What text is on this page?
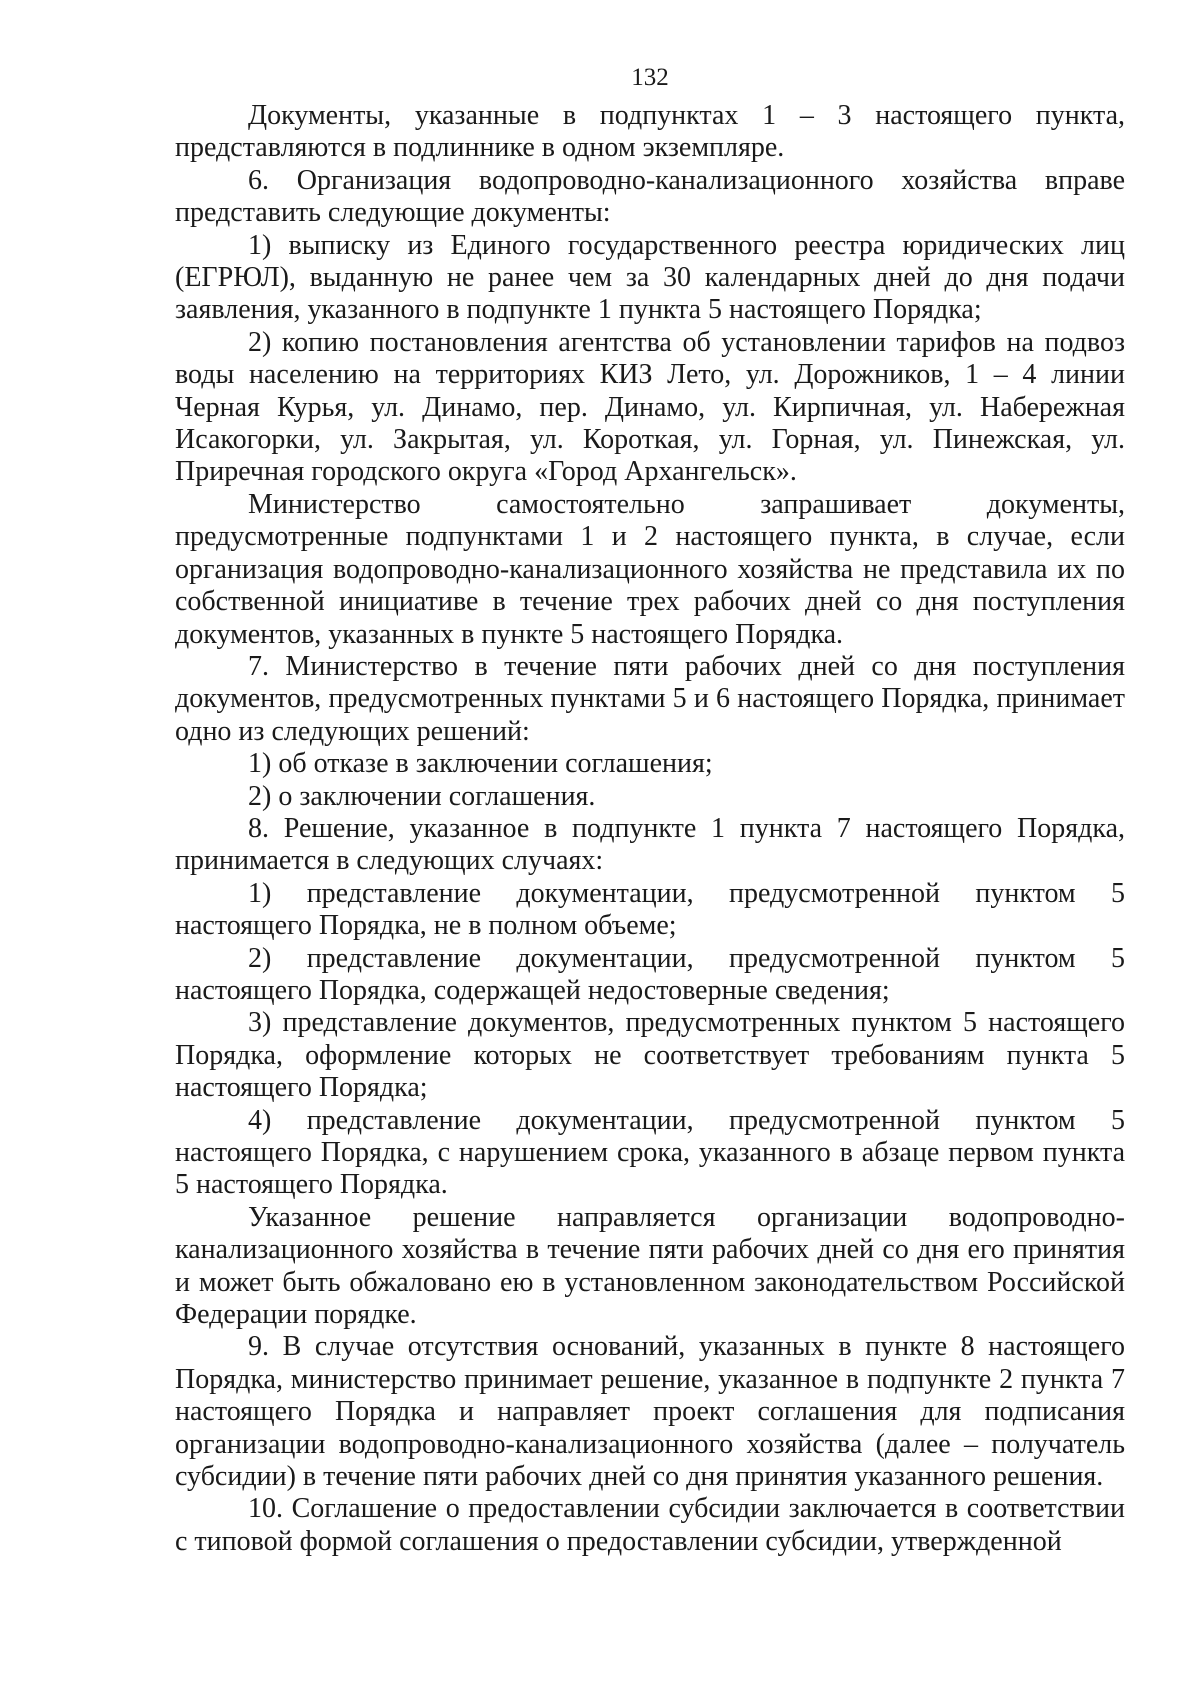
132

Документы, указанные в подпунктах 1 – 3 настоящего пункта, представляются в подлиннике в одном экземпляре.

6. Организация водопроводно-канализационного хозяйства вправе представить следующие документы:

1) выписку из Единого государственного реестра юридических лиц (ЕГРЮЛ), выданную не ранее чем за 30 календарных дней до дня подачи заявления, указанного в подпункте 1 пункта 5 настоящего Порядка;

2) копию постановления агентства об установлении тарифов на подвоз воды населению на территориях КИЗ Лето, ул. Дорожников, 1 – 4 линии Черная Курья, ул. Динамо, пер. Динамо, ул. Кирпичная, ул. Набережная Исакогорки, ул. Закрытая, ул. Короткая, ул. Горная, ул. Пинежская, ул. Приречная городского округа «Город Архангельск».

Министерство самостоятельно запрашивает документы, предусмотренные подпунктами 1 и 2 настоящего пункта, в случае, если организация водопроводно-канализационного хозяйства не представила их по собственной инициативе в течение трех рабочих дней со дня поступления документов, указанных в пункте 5 настоящего Порядка.

7. Министерство в течение пяти рабочих дней со дня поступления документов, предусмотренных пунктами 5 и 6 настоящего Порядка, принимает одно из следующих решений:

1) об отказе в заключении соглашения;

2) о заключении соглашения.

8. Решение, указанное в подпункте 1 пункта 7 настоящего Порядка, принимается в следующих случаях:

1) представление документации, предусмотренной пунктом 5 настоящего Порядка, не в полном объеме;

2) представление документации, предусмотренной пунктом 5 настоящего Порядка, содержащей недостоверные сведения;

3) представление документов, предусмотренных пунктом 5 настоящего Порядка, оформление которых не соответствует требованиям пункта 5 настоящего Порядка;

4) представление документации, предусмотренной пунктом 5 настоящего Порядка, с нарушением срока, указанного в абзаце первом пункта 5 настоящего Порядка.

Указанное решение направляется организации водопроводно-канализационного хозяйства в течение пяти рабочих дней со дня его принятия и может быть обжаловано ею в установленном законодательством Российской Федерации порядке.

9. В случае отсутствия оснований, указанных в пункте 8 настоящего Порядка, министерство принимает решение, указанное в подпункте 2 пункта 7 настоящего Порядка и направляет проект соглашения для подписания организации водопроводно-канализационного хозяйства (далее – получатель субсидии) в течение пяти рабочих дней со дня принятия указанного решения.

10. Соглашение о предоставлении субсидии заключается в соответствии с типовой формой соглашения о предоставлении субсидии, утвержденной
